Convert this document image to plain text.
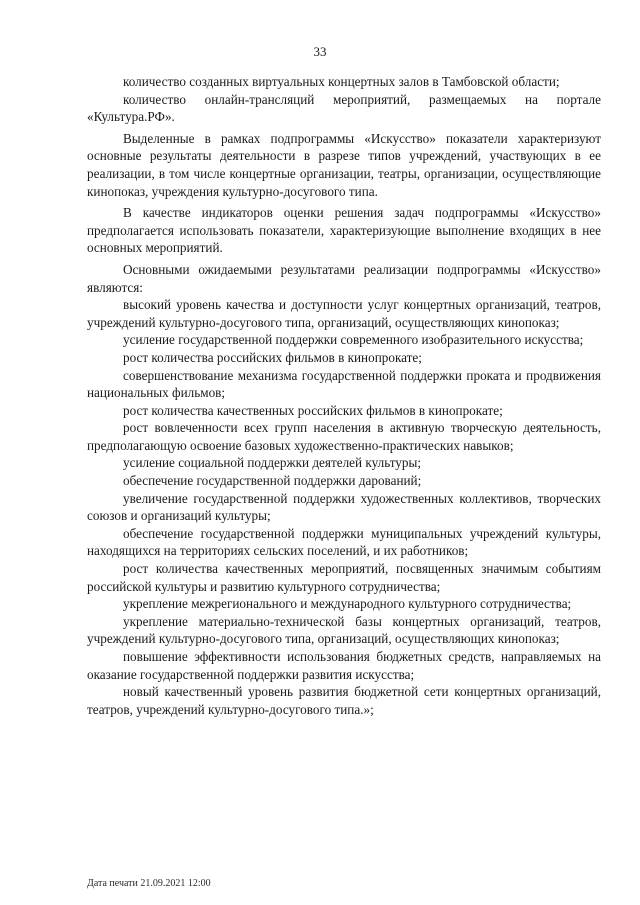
33

количество созданных виртуальных концертных залов в Тамбовской области;

количество онлайн-трансляций мероприятий, размещаемых на портале «Культура.РФ».

Выделенные в рамках подпрограммы «Искусство» показатели характеризуют основные результаты деятельности в разрезе типов учреждений, участвующих в ее реализации, в том числе концертные организации, театры, организации, осуществляющие кинопоказ, учреждения культурно-досугового типа.

В качестве индикаторов оценки решения задач подпрограммы «Искусство» предполагается использовать показатели, характеризующие выполнение входящих в нее основных мероприятий.

Основными ожидаемыми результатами реализации подпрограммы «Искусство» являются:

высокий уровень качества и доступности услуг концертных организаций, театров, учреждений культурно-досугового типа, организаций, осуществляющих кинопоказ;

усиление государственной поддержки современного изобразительного искусства;

рост количества российских фильмов в кинопрокате;

совершенствование механизма государственной поддержки проката и продвижения национальных фильмов;

рост количества качественных российских фильмов в кинопрокате;

рост вовлеченности всех групп населения в активную творческую деятельность, предполагающую освоение базовых художественно-практических навыков;

усиление социальной поддержки деятелей культуры;

обеспечение государственной поддержки дарований;

увеличение государственной поддержки художественных коллективов, творческих союзов и организаций культуры;

обеспечение государственной поддержки муниципальных учреждений культуры, находящихся на территориях сельских поселений, и их работников;

рост количества качественных мероприятий, посвященных значимым событиям российской культуры и развитию культурного сотрудничества;

укрепление межрегионального и международного культурного сотрудничества;

укрепление материально-технической базы концертных организаций, театров, учреждений культурно-досугового типа, организаций, осуществляющих кинопоказ;

повышение эффективности использования бюджетных средств, направляемых на оказание государственной поддержки развития искусства;

новый качественный уровень развития бюджетной сети концертных организаций, театров, учреждений культурно-досугового типа.»;

Дата печати 21.09.2021 12:00
